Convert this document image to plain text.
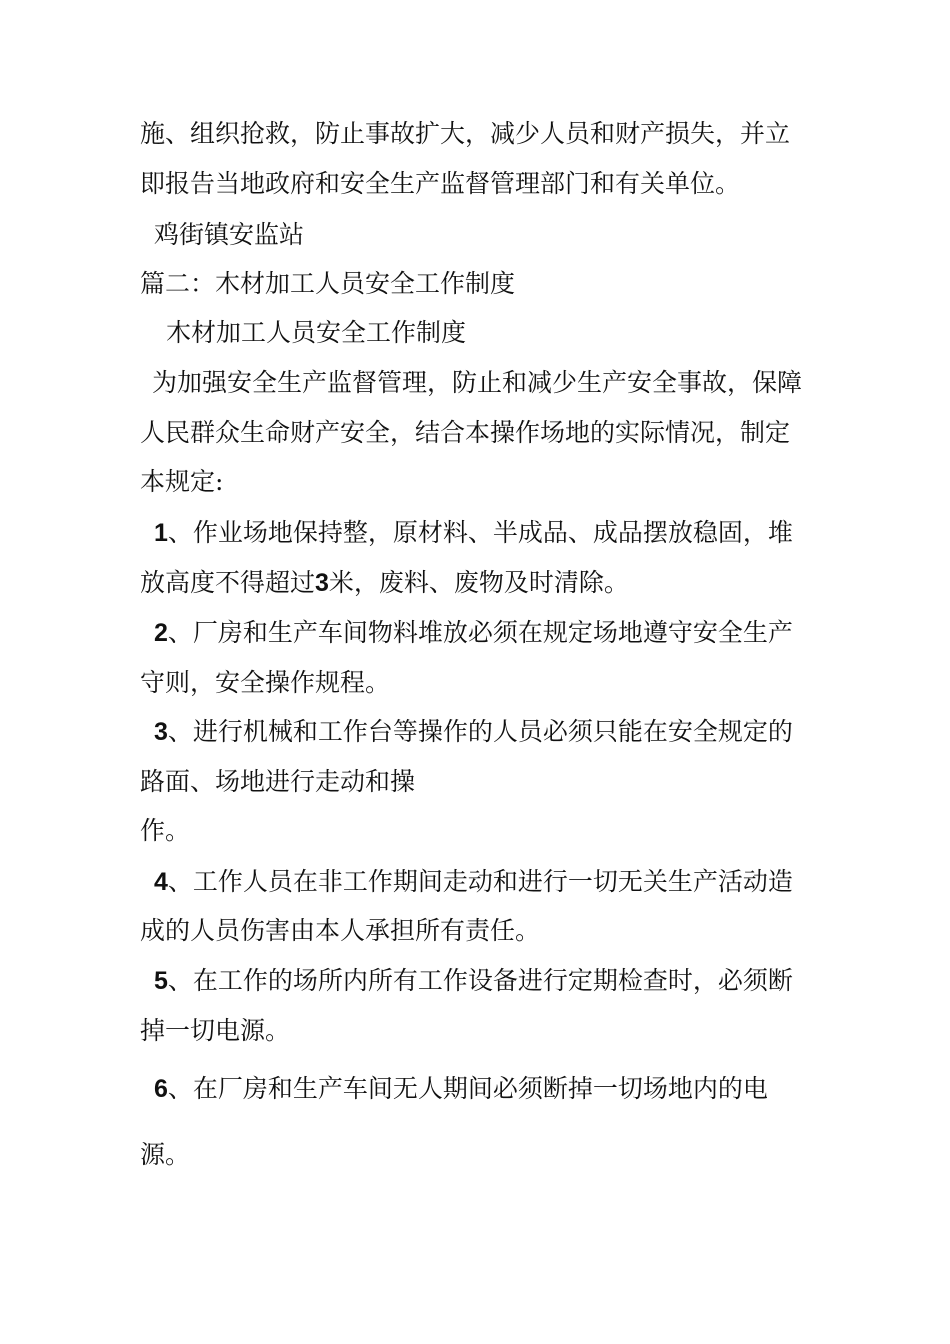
施、组织抢救，防止事故扩大，减少人员和财产损失，并立
即报告当地政府和安全生产监督管理部门和有关单位。
鸡街镇安监站
篇二：木材加工人员安全工作制度
木材加工人员安全工作制度
为加强安全生产监督管理，防止和减少生产安全事故，保障
人民群众生命财产安全，结合本操作场地的实际情况，制定
本规定:
1、作业场地保持整，原材料、半成品、成品摆放稳固，堆
放高度不得超过3米，废料、废物及时清除。
2、厂房和生产车间物料堆放必须在规定场地遵守安全生产
守则，安全操作规程。
3、进行机械和工作台等操作的人员必须只能在安全规定的
路面、场地进行走动和操
作。
4、工作人员在非工作期间走动和进行一切无关生产活动造
成的人员伤害由本人承担所有责任。
5、在工作的场所内所有工作设备进行定期检查时，必须断
掉一切电源。
6、在厂房和生产车间无人期间必须断掉一切场地内的电
源。
